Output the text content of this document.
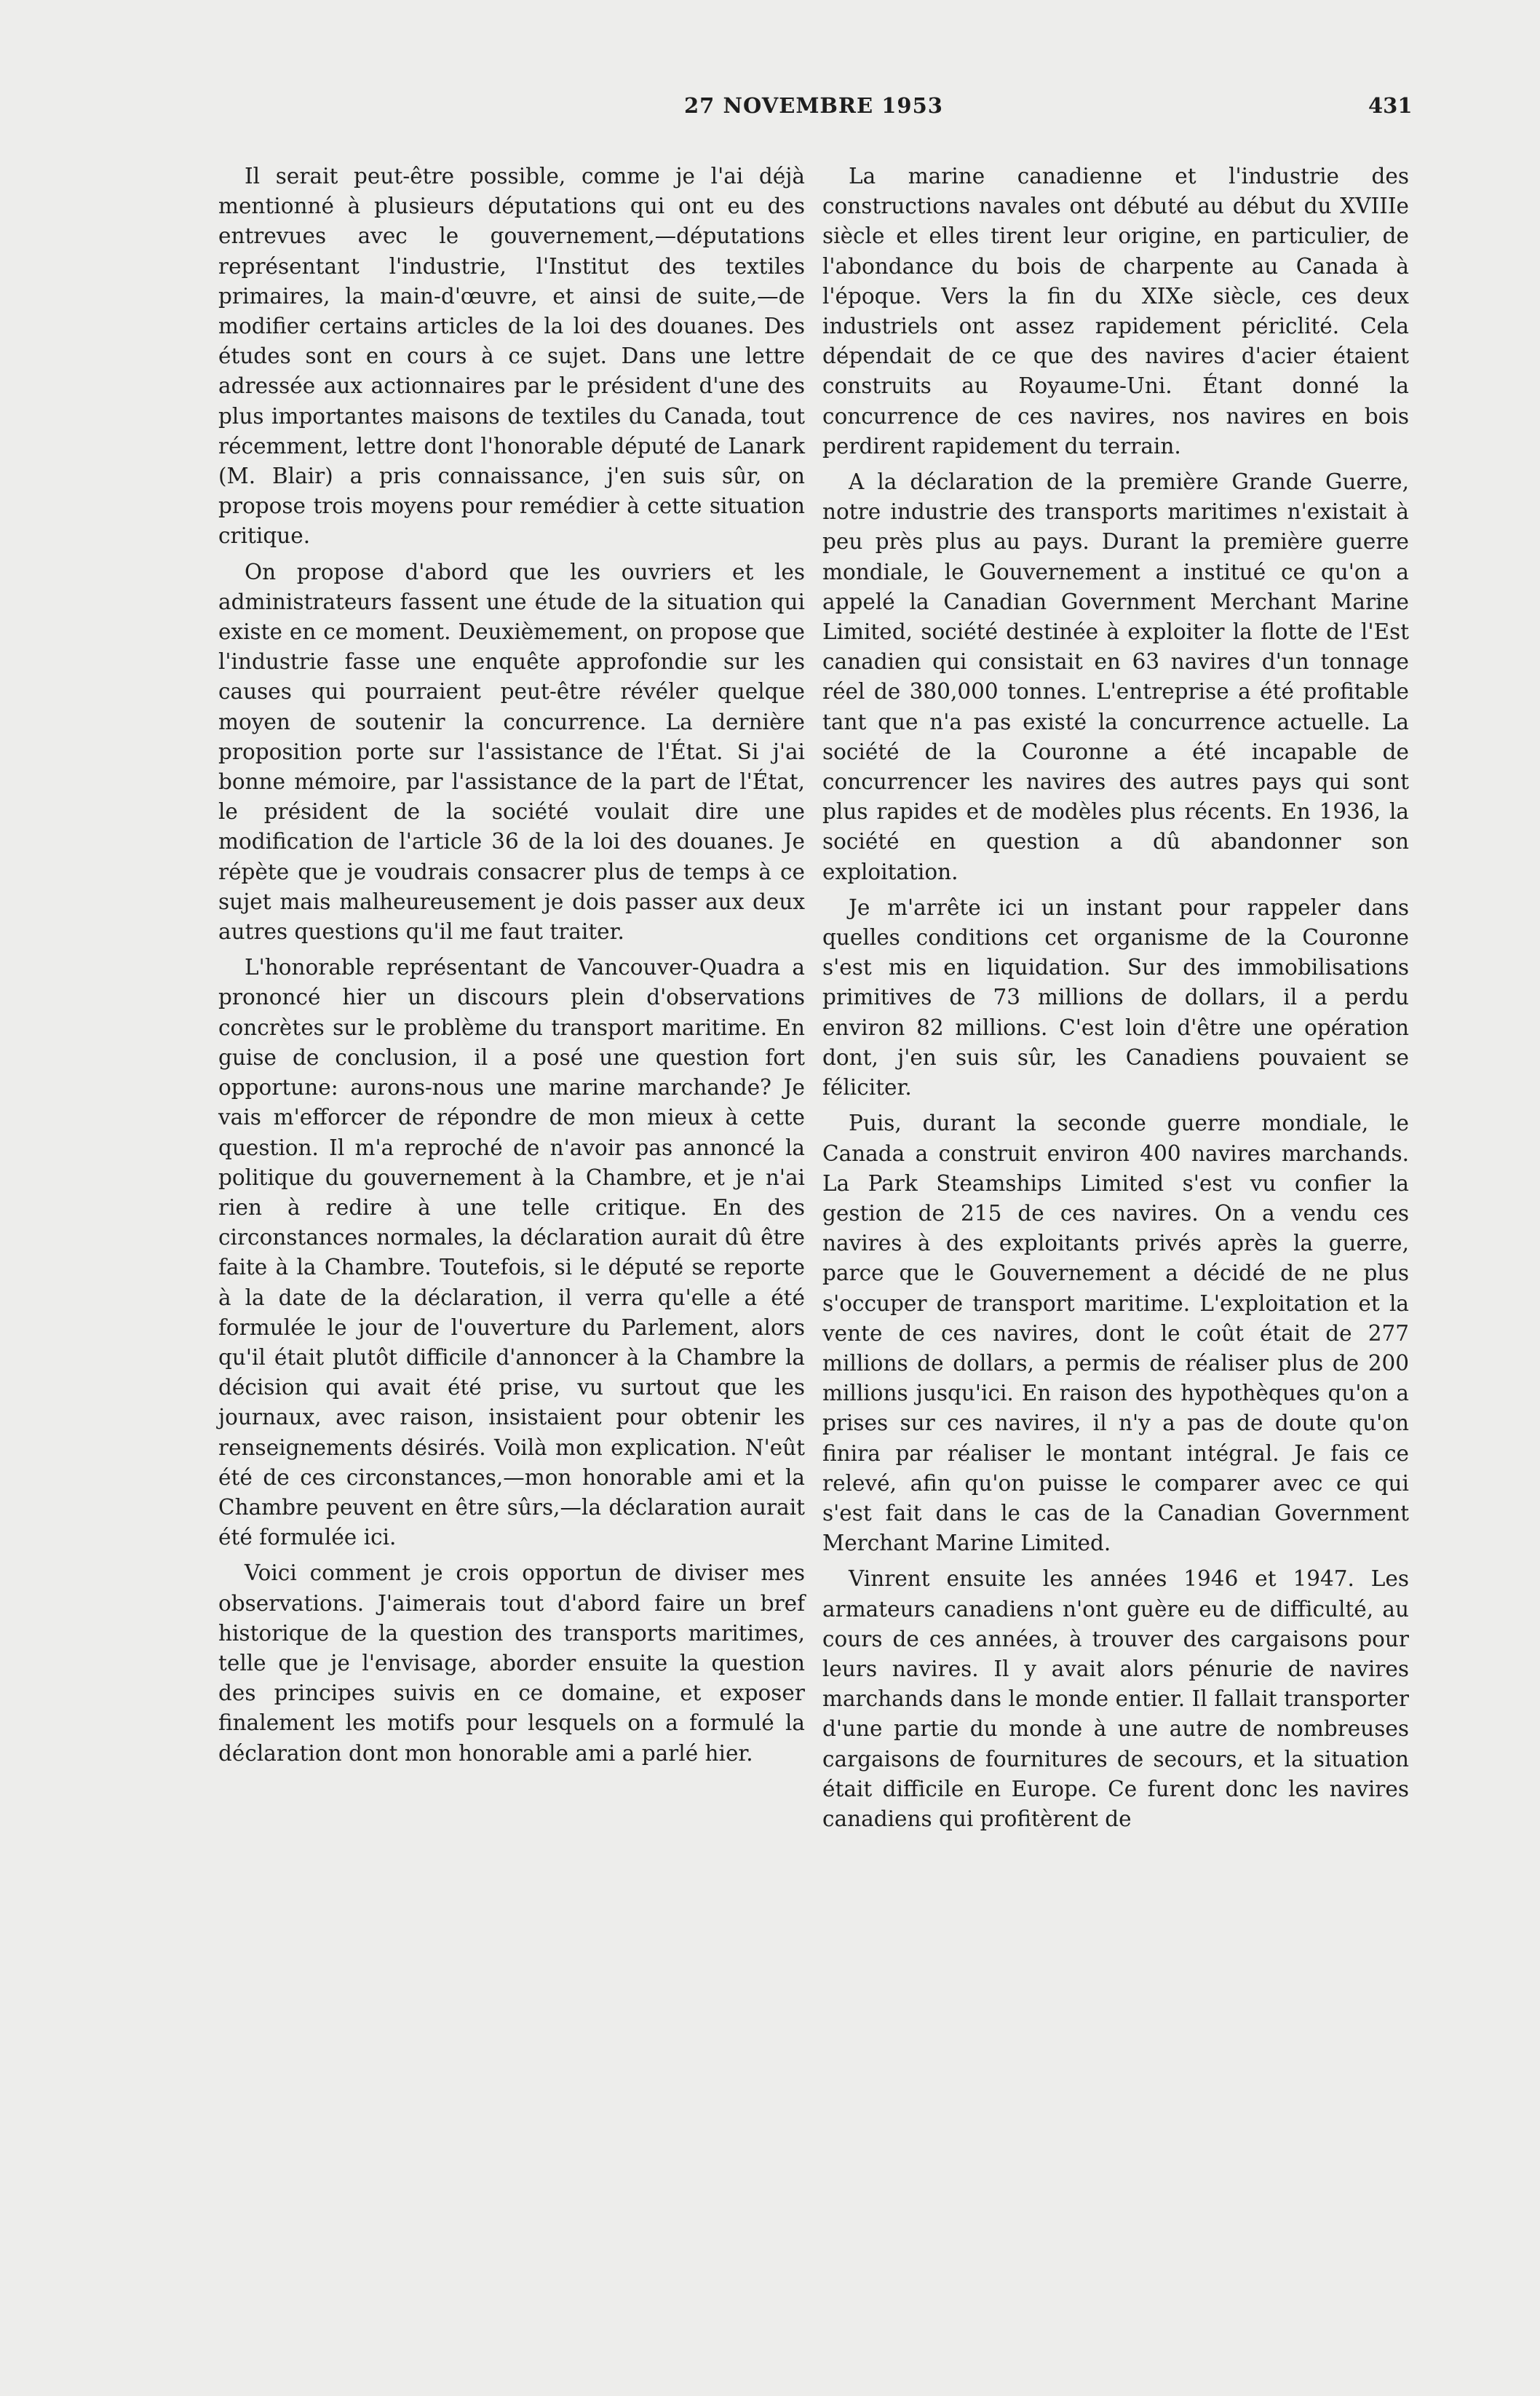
27 NOVEMBRE 1953	431

Il serait peut-être possible, comme je l'ai déjà mentionné à plusieurs députations qui ont eu des entrevues avec le gouvernement,—députations représentant l'industrie, l'Institut des textiles primaires, la main-d'œuvre, et ainsi de suite,—de modifier certains articles de la loi des douanes. Des études sont en cours à ce sujet. Dans une lettre adressée aux actionnaires par le président d'une des plus importantes maisons de textiles du Canada, tout récemment, lettre dont l'honorable député de Lanark (M. Blair) a pris connaissance, j'en suis sûr, on propose trois moyens pour remédier à cette situation critique.

On propose d'abord que les ouvriers et les administrateurs fassent une étude de la situation qui existe en ce moment. Deuxièmement, on propose que l'industrie fasse une enquête approfondie sur les causes qui pourraient peut-être révéler quelque moyen de soutenir la concurrence. La dernière proposition porte sur l'assistance de l'État. Si j'ai bonne mémoire, par l'assistance de la part de l'État, le président de la société voulait dire une modification de l'article 36 de la loi des douanes. Je répète que je voudrais consacrer plus de temps à ce sujet mais malheureusement je dois passer aux deux autres questions qu'il me faut traiter.

L'honorable représentant de Vancouver-Quadra a prononcé hier un discours plein d'observations concrètes sur le problème du transport maritime. En guise de conclusion, il a posé une question fort opportune: aurons-nous une marine marchande? Je vais m'efforcer de répondre de mon mieux à cette question. Il m'a reproché de n'avoir pas annoncé la politique du gouvernement à la Chambre, et je n'ai rien à redire à une telle critique. En des circonstances normales, la déclaration aurait dû être faite à la Chambre. Toutefois, si le député se reporte à la date de la déclaration, il verra qu'elle a été formulée le jour de l'ouverture du Parlement, alors qu'il était plutôt difficile d'annoncer à la Chambre la décision qui avait été prise, vu surtout que les journaux, avec raison, insistaient pour obtenir les renseignements désirés. Voilà mon explication. N'eût été de ces circonstances,—mon honorable ami et la Chambre peuvent en être sûrs,—la déclaration aurait été formulée ici.

Voici comment je crois opportun de diviser mes observations. J'aimerais tout d'abord faire un bref historique de la question des transports maritimes, telle que je l'envisage, aborder ensuite la question des principes suivis en ce domaine, et exposer finalement les motifs pour lesquels on a formulé la déclaration dont mon honorable ami a parlé hier.

La marine canadienne et l'industrie des constructions navales ont débuté au début du XVIIIe siècle et elles tirent leur origine, en particulier, de l'abondance du bois de charpente au Canada à l'époque. Vers la fin du XIXe siècle, ces deux industriels ont assez rapidement périclité. Cela dépendait de ce que des navires d'acier étaient construits au Royaume-Uni. Étant donné la concurrence de ces navires, nos navires en bois perdirent rapidement du terrain.

A la déclaration de la première Grande Guerre, notre industrie des transports maritimes n'existait à peu près plus au pays. Durant la première guerre mondiale, le Gouvernement a institué ce qu'on a appelé la Canadian Government Merchant Marine Limited, société destinée à exploiter la flotte de l'Est canadien qui consistait en 63 navires d'un tonnage réel de 380,000 tonnes. L'entreprise a été profitable tant que n'a pas existé la concurrence actuelle. La société de la Couronne a été incapable de concurrencer les navires des autres pays qui sont plus rapides et de modèles plus récents. En 1936, la société en question a dû abandonner son exploitation.

Je m'arrête ici un instant pour rappeler dans quelles conditions cet organisme de la Couronne s'est mis en liquidation. Sur des immobilisations primitives de 73 millions de dollars, il a perdu environ 82 millions. C'est loin d'être une opération dont, j'en suis sûr, les Canadiens pouvaient se féliciter.

Puis, durant la seconde guerre mondiale, le Canada a construit environ 400 navires marchands. La Park Steamships Limited s'est vu confier la gestion de 215 de ces navires. On a vendu ces navires à des exploitants privés après la guerre, parce que le Gouvernement a décidé de ne plus s'occuper de transport maritime. L'exploitation et la vente de ces navires, dont le coût était de 277 millions de dollars, a permis de réaliser plus de 200 millions jusqu'ici. En raison des hypothèques qu'on a prises sur ces navires, il n'y a pas de doute qu'on finira par réaliser le montant intégral. Je fais ce relevé, afin qu'on puisse le comparer avec ce qui s'est fait dans le cas de la Canadian Government Merchant Marine Limited.

Vinrent ensuite les années 1946 et 1947. Les armateurs canadiens n'ont guère eu de difficulté, au cours de ces années, à trouver des cargaisons pour leurs navires. Il y avait alors pénurie de navires marchands dans le monde entier. Il fallait transporter d'une partie du monde à une autre de nombreuses cargaisons de fournitures de secours, et la situation était difficile en Europe. Ce furent donc les navires canadiens qui profitèrent de
